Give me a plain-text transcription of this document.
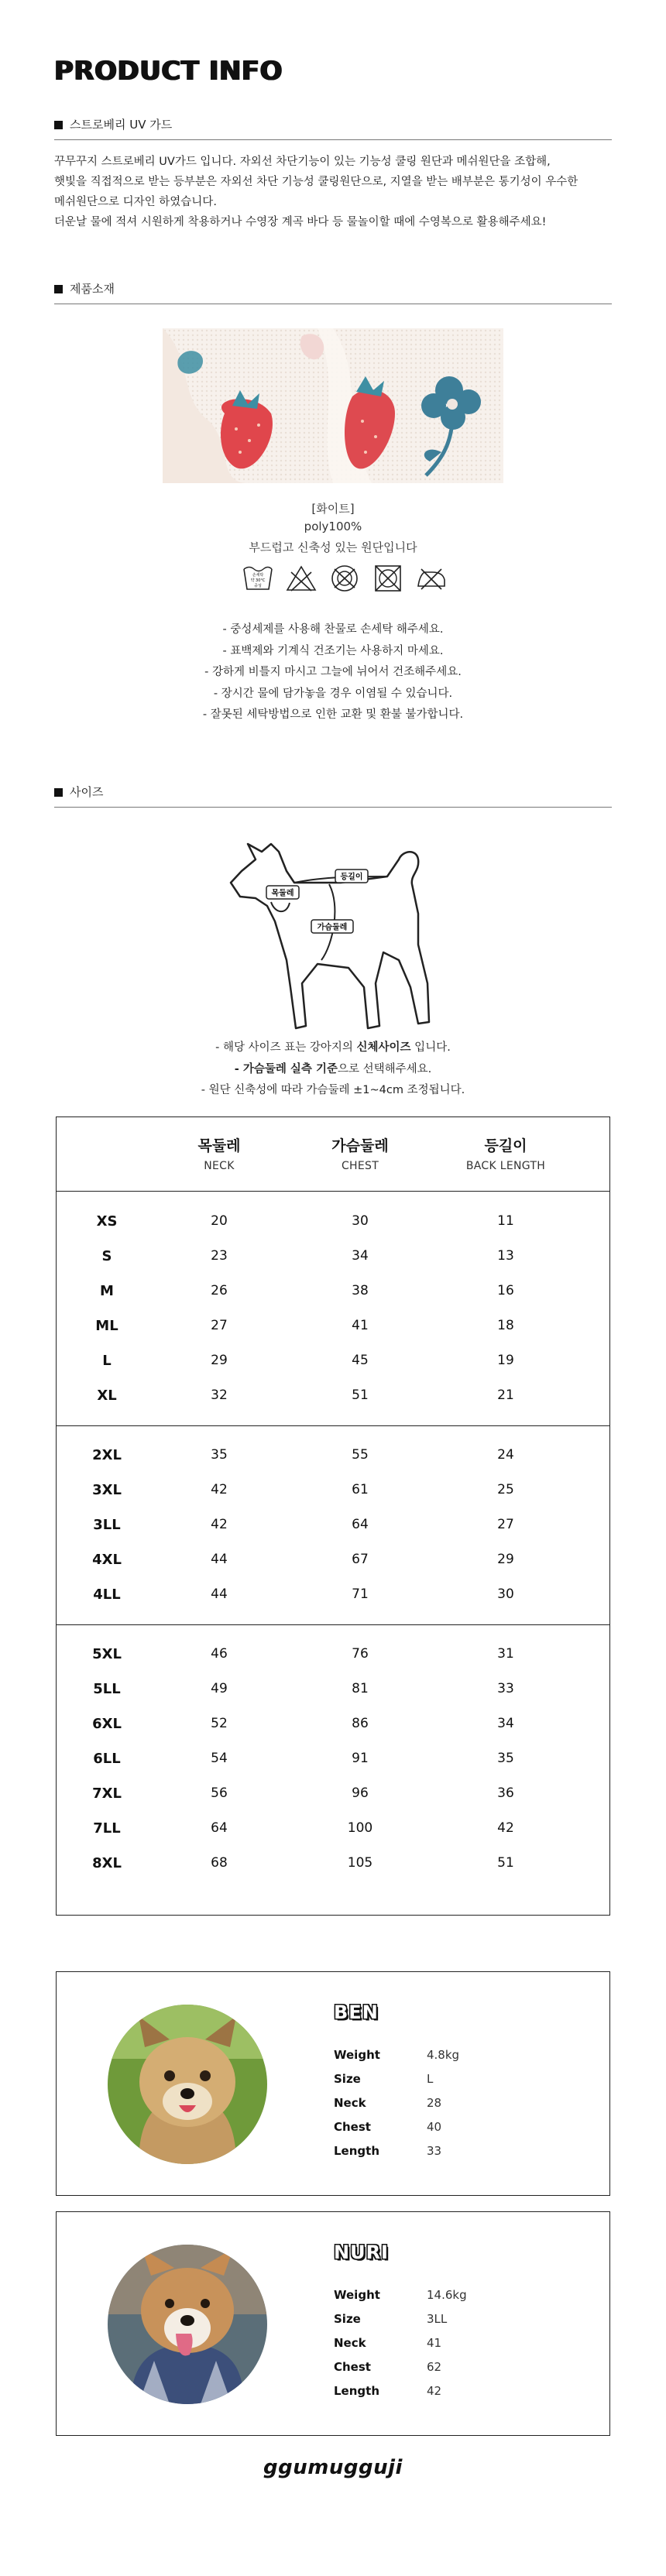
PRODUCT INFO
스트로베리 UV 가드
꾸무꾸지 스트로베리 UV가드 입니다. 자외선 차단기능이 있는 기능성 쿨링 원단과 메쉬원단을 조합해,
햇빛을 직접적으로 받는 등부분은 자외선 차단 기능성 쿨링원단으로, 지열을 받는 배부분은 통기성이 우수한
메쉬원단으로 디자인 하였습니다.
더운날 물에 적셔 시원하게 착용하거나 수영장 계곡 바다 등 물놀이할 때에 수영복으로 활용해주세요!
제품소재
[화이트]
poly100%
부드럽고 신축성 있는 원단입니다
손세탁
약 30°C
중성
- 중성세제를 사용해 찬물로 손세탁 해주세요.
- 표백제와 기계식 건조기는 사용하지 마세요.
- 강하게 비틀지 마시고 그늘에 뉘어서 건조해주세요.
- 장시간 물에 담가놓을 경우 이염될 수 있습니다.
- 잘못된 세탁방법으로 인한 교환 및 환불 불가합니다.
사이즈
등길이
목둘레
가슴둘레
- 해당 사이즈 표는 강아지의 신체사이즈 입니다.
- 가슴둘레 실측 기준으로 선택해주세요.
- 원단 신축성에 따라 가슴둘레 ±1~4cm 조정됩니다.
목둘레
NECK
가슴둘레
CHEST
등길이
BACK LENGTH
XS	20	30	11
S	23	34	13
M	26	38	16
ML	27	41	18
L	29	45	19
XL	32	51	21
2XL	35	55	24
3XL	42	61	25
3LL	42	64	27
4XL	44	67	29
4LL	44	71	30
5XL	46	76	31
5LL	49	81	33
6XL	52	86	34
6LL	54	91	35
7XL	56	96	36
7LL	64	100	42
8XL	68	105	51
BEN
Weight	4.8kg
Size	L
Neck	28
Chest	40
Length	33
NURI
Weight	14.6kg
Size	3LL
Neck	41
Chest	62
Length	42
ggumugguji
